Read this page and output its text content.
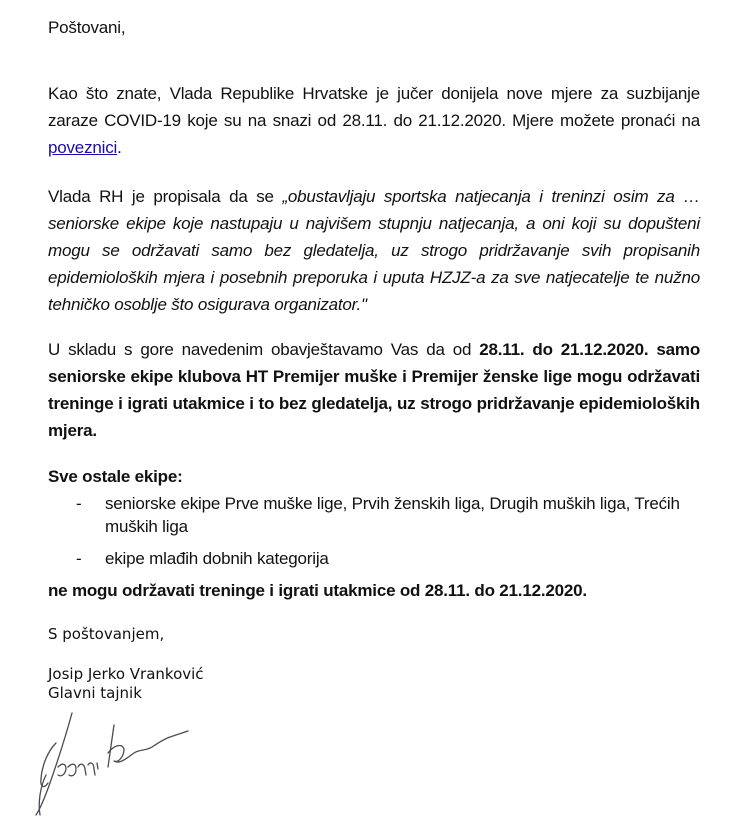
Poštovani,
Kao što znate, Vlada Republike Hrvatske je jučer donijela nove mjere za suzbijanje zaraze COVID-19 koje su na snazi od 28.11. do 21.12.2020. Mjere možete pronaći na poveznici.
Vlada RH je propisala da se „obustavljaju sportska natjecanja i treninzi osim za … seniorske ekipe koje nastupaju u najvišem stupnju natjecanja, a oni koji su dopušteni mogu se održavati samo bez gledatelja, uz strogo pridržavanje svih propisanih epidemioloških mjera i posebnih preporuka i uputa HZJZ-a za sve natjecatelje te nužno tehničko osoblje što osigurava organizator."
U skladu s gore navedenim obavještavamo Vas da od 28.11. do 21.12.2020. samo seniorske ekipe klubova HT Premijer muške i Premijer ženske lige mogu održavati treninge i igrati utakmice i to bez gledatelja, uz strogo pridržavanje epidemioloških mjera.
Sve ostale ekipe:
- seniorske ekipe Prve muške lige, Prvih ženskih liga, Drugih muških liga, Trećih muških liga
- ekipe mlađih dobnih kategorija
ne mogu održavati treninge i igrati utakmice od 28.11. do 21.12.2020.
S poštovanjem,
Josip Jerko Vranković
Glavni tajnik
